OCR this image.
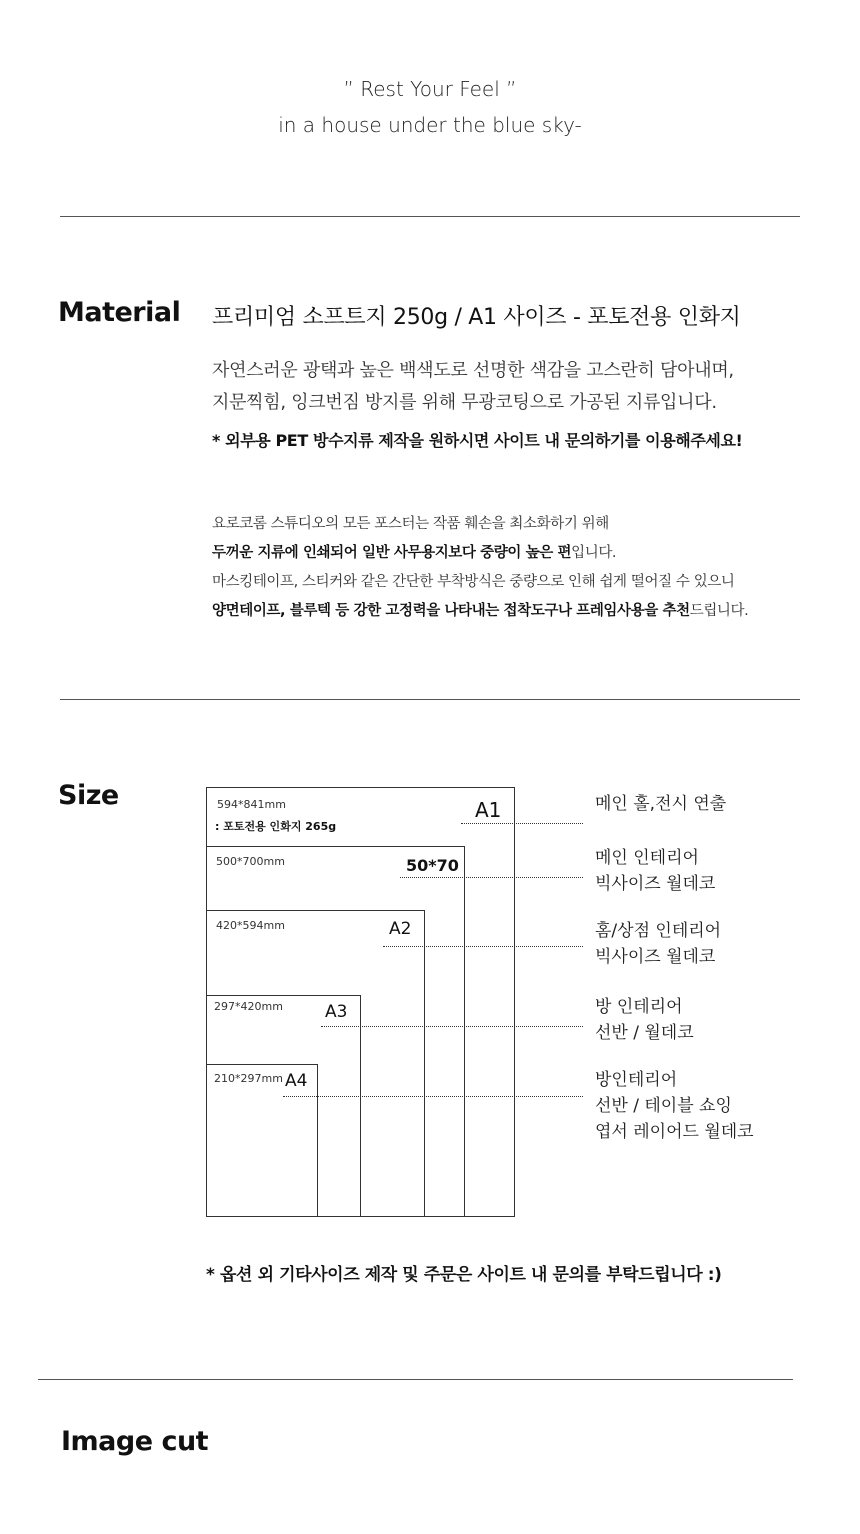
” Rest Your Feel ”
in a house under the blue sky-
Material 프리미엄 소프트지 250g / A1 사이즈 - 포토전용 인화지
자연스러운 광택과 높은 백색도로 선명한 색감을 고스란히 담아내며,
지문찍힘, 잉크번짐 방지를 위해 무광코팅으로 가공된 지류입니다.
* 외부용 PET 방수지류 제작을 원하시면 사이트 내 문의하기를 이용해주세요!
요로코롬 스튜디오의 모든 포스터는 작품 훼손을 최소화하기 위해
두꺼운 지류에 인쇄되어 일반 사무용지보다 중량이 높은 편입니다.
마스킹테이프, 스티커와 같은 간단한 부착방식은 중량으로 인해 쉽게 떨어질 수 있으니
양면테이프, 블루텍 등 강한 고정력을 나타내는 접착도구나 프레임사용을 추천드립니다.
Size	594*841mm
: 포토전용 인화지 265g
A1
500*700mm	50*70
420*594mm	A2
297*420mm A3
210*297mm A4
메인 홀,전시 연출
메인 인테리어
빅사이즈 월데코
홈/상점 인테리어
빅사이즈 월데코
방 인테리어
선반 / 월데코
방인테리어
선반 / 테이블 쇼잉
엽서 레이어드 월데코
* 옵션 외 기타사이즈 제작 및 주문은 사이트 내 문의를 부탁드립니다 :)
Image cut
